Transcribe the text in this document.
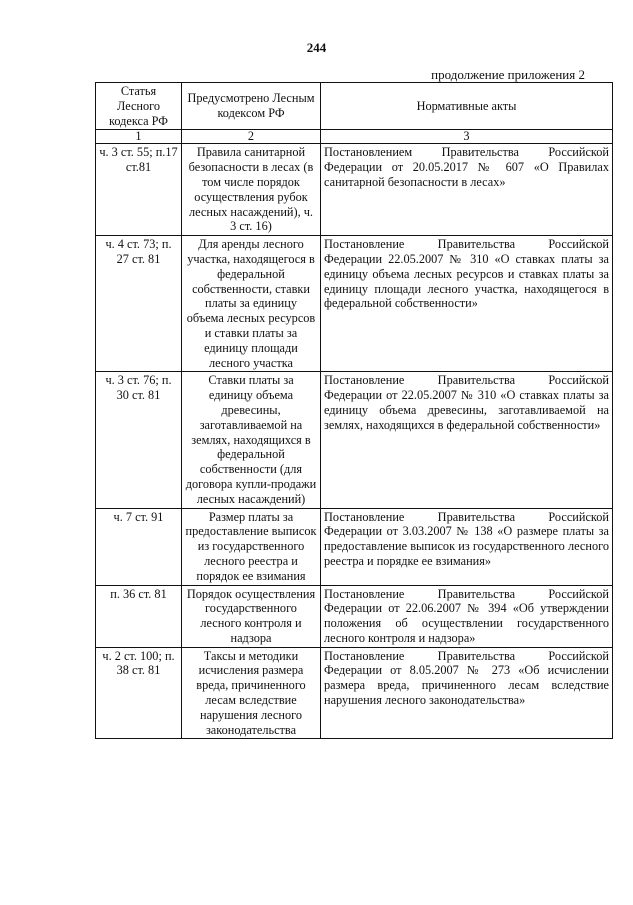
244
продолжение приложения 2
Статья Лесного кодекса РФ	Предусмотрено Лесным кодексом РФ	Нормативные акты
1	2	3
ч. 3 ст. 55; п.17 ст.81	Правила санитарной безопасности в лесах (в том числе порядок осуществления рубок лесных насаждений), ч. 3 ст. 16)	Постановлением Правительства Российской Федерации от 20.05.2017 № 607 «О Правилах санитарной безопасности в лесах»
ч. 4 ст. 73; п. 27 ст. 81	Для аренды лесного участка, находящегося в федеральной собственности, ставки платы за единицу объема лесных ресурсов и ставки платы за единицу площади лесного участка	Постановление Правительства Российской Федерации 22.05.2007 № 310 «О ставках платы за единицу объема лесных ресурсов и ставках платы за единицу площади лесного участка, находящегося в федеральной собственности»
ч. 3 ст. 76; п. 30 ст. 81	Ставки платы за единицу объема древесины, заготавливаемой на землях, находящихся в федеральной собственности (для договора купли-продажи лесных насаждений)	Постановление Правительства Российской Федерации от 22.05.2007 № 310 «О ставках платы за единицу объема древесины, заготавливаемой на землях, находящихся в федеральной собственности»
ч. 7 ст. 91	Размер платы за предоставление выписок из государственного лесного реестра и порядок ее взимания	Постановление Правительства Российской Федерации от 3.03.2007 № 138 «О размере платы за предоставление выписок из государственного лесного реестра и порядке ее взимания»
п. 36 ст. 81	Порядок осуществления государственного лесного контроля и надзора	Постановление Правительства Российской Федерации от 22.06.2007 № 394 «Об утверждении положения об осуществлении государственного лесного контроля и надзора»
ч. 2 ст. 100; п. 38 ст. 81	Таксы и методики исчисления размера вреда, причиненного лесам вследствие нарушения лесного законодательства	Постановление Правительства Российской Федерации от 8.05.2007 № 273 «Об исчислении размера вреда, причиненного лесам вследствие нарушения лесного законодательства»
